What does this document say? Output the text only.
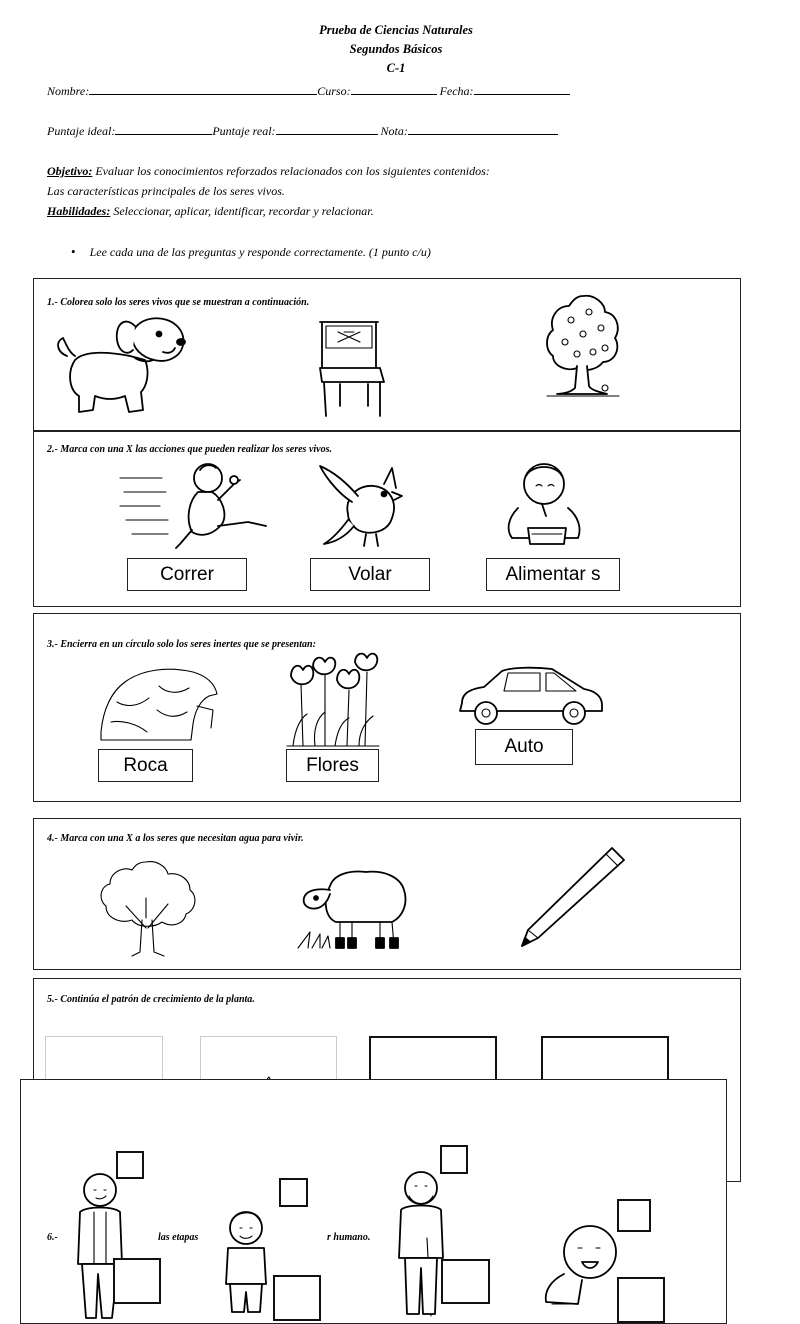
Prueba de Ciencias Naturales
Segundos Básicos
C-1
Nombre:	Curso:	Fecha:
Puntaje ideal:	Puntaje real:	Nota:
Objetivo: Evaluar los conocimientos reforzados relacionados con los siguientes contenidos:
Las características principales de los seres vivos.
Habilidades: Seleccionar, aplicar, identificar, recordar y relacionar.
• Lee cada una de las preguntas y responde correctamente. (1 punto c/u)
1.- Colorea solo los seres vivos que se muestran a continuación.
2.- Marca con una X las acciones que pueden realizar los seres vivos.
Correr	Volar	Alimentar s
3.- Encierra en un círculo solo los seres inertes que se presentan:
Roca	Flores
Auto
4.- Marca con una X a los seres que necesitan agua para vivir.
5.- Continúa el patrón de crecimiento de la planta.
6.-	las etapas	r humano.
